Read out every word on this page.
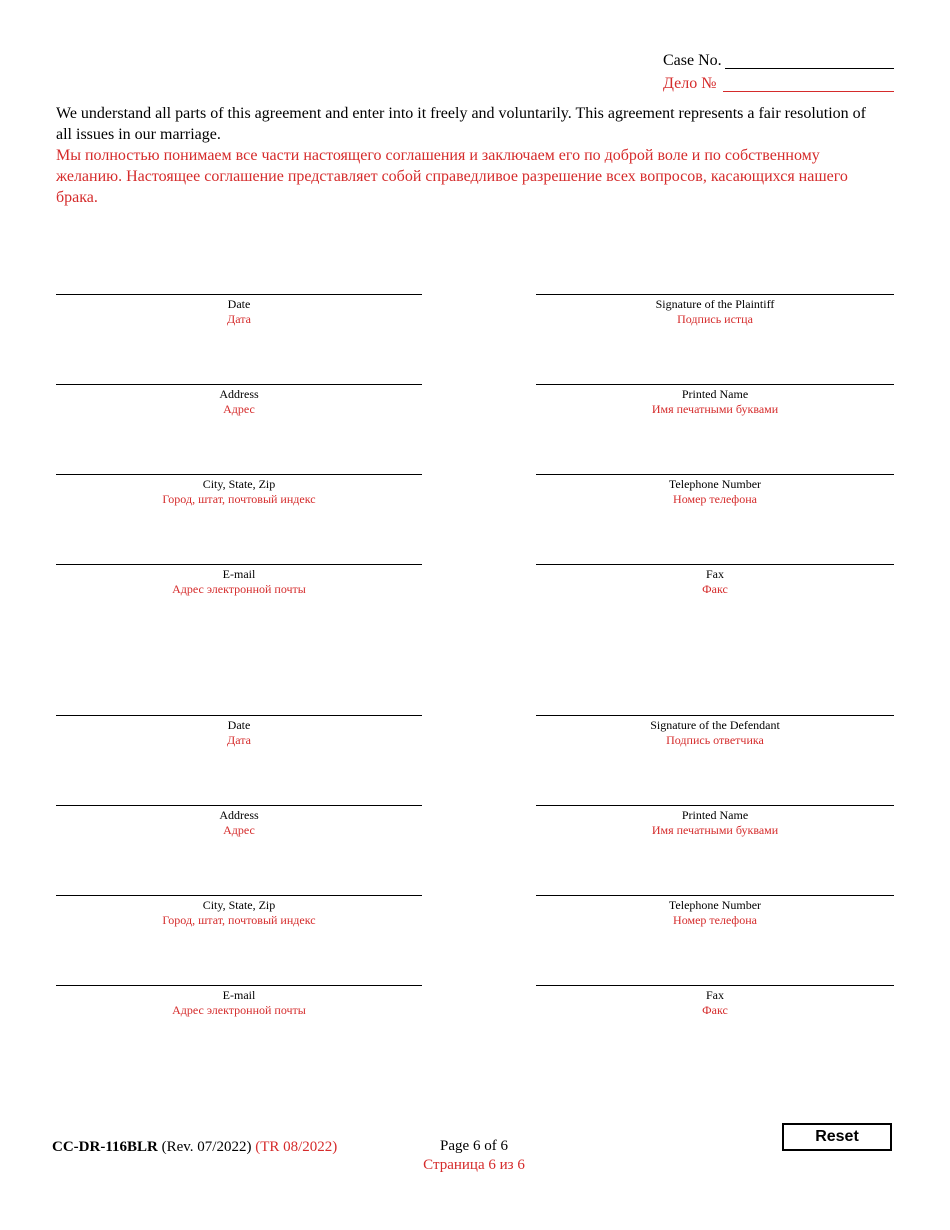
Case No.
Дело №
We understand all parts of this agreement and enter into it freely and voluntarily. This agreement represents a fair resolution of all issues in our marriage.
Мы полностью понимаем все части настоящего соглашения и заключаем его по доброй воле и по собственному желанию. Настоящее соглашение представляет собой справедливое разрешение всех вопросов, касающихся нашего брака.
Date
Дата
Address
Адрес
City, State, Zip
Город, штат, почтовый индекс
E-mail
Адрес электронной почты
Signature of the Plaintiff
Подпись истца
Printed Name
Имя печатными буквами
Telephone Number
Номер телефона
Fax
Факс
Date
Дата
Address
Адрес
City, State, Zip
Город, штат, почтовый индекс
E-mail
Адрес электронной почты
Signature of the Defendant
Подпись ответчика
Printed Name
Имя печатными буквами
Telephone Number
Номер телефона
Fax
Факс
CC-DR-116BLR (Rev. 07/2022) (TR 08/2022)	Page 6 of 6
Страница 6 из 6
Reset
